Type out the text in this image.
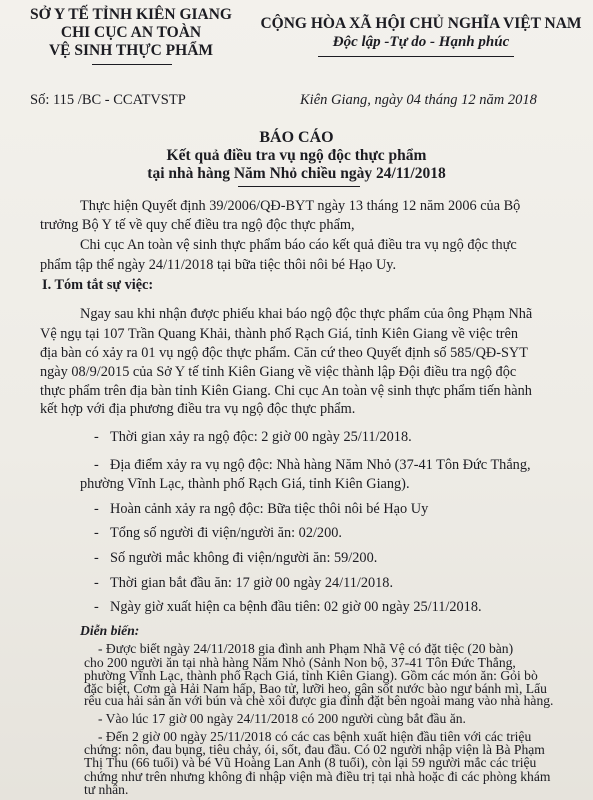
SỞ Y TẾ TỈNH KIÊN GIANG
CHI CỤC AN TOÀN
VỆ SINH THỰC PHẨM
CỘNG HÒA XÃ HỘI CHỦ NGHĨA VIỆT NAM
Độc lập -Tự do - Hạnh phúc
Số: 115 /BC - CCATVSTP	Kiên Giang, ngày 04 tháng 12 năm 2018
BÁO CÁO
Kết quả điều tra vụ ngộ độc thực phẩm
tại nhà hàng Năm Nhỏ chiều ngày 24/11/2018
Thực hiện Quyết định 39/2006/QĐ-BYT ngày 13 tháng 12 năm 2006 của Bộ
trưởng Bộ Y tế về quy chế điều tra ngộ độc thực phẩm,
Chi cục An toàn vệ sinh thực phẩm báo cáo kết quả điều tra vụ ngộ độc thực
phẩm tập thể ngày 24/11/2018 tại bữa tiệc thôi nôi bé Hạo Uy.
I. Tóm tắt sự việc:
Ngay sau khi nhận được phiếu khai báo ngộ độc thực phẩm của ông Phạm Nhã
Vệ ngụ tại 107 Trần Quang Khải, thành phố Rạch Giá, tỉnh Kiên Giang về việc trên
địa bàn có xảy ra 01 vụ ngộ độc thực phẩm. Căn cứ theo Quyết định số 585/QĐ-SYT
ngày 08/9/2015 của Sở Y tế tỉnh Kiên Giang về việc thành lập Đội điều tra ngộ độc
thực phẩm trên địa bàn tỉnh Kiên Giang. Chi cục An toàn vệ sinh thực phẩm tiến hành
kết hợp với địa phương điều tra vụ ngộ độc thực phẩm.
- Thời gian xảy ra ngộ độc: 2 giờ 00 ngày 25/11/2018.
- Địa điểm xảy ra vụ ngộ độc: Nhà hàng Năm Nhỏ (37-41 Tôn Đức Thắng,
phường Vĩnh Lạc, thành phố Rạch Giá, tỉnh Kiên Giang).
- Hoàn cảnh xảy ra ngộ độc: Bữa tiệc thôi nôi bé Hạo Uy
- Tổng số người đi viện/người ăn: 02/200.
- Số người mắc không đi viện/người ăn: 59/200.
- Thời gian bắt đầu ăn: 17 giờ 00 ngày 24/11/2018.
- Ngày giờ xuất hiện ca bệnh đầu tiên: 02 giờ 00 ngày 25/11/2018.
Diễn biến:
- Được biết ngày 24/11/2018 gia đình anh Phạm Nhã Vệ có đặt tiệc (20 bàn)
cho 200 người ăn tại nhà hàng Năm Nhỏ (Sảnh Non bộ, 37-41 Tôn Đức Thắng,
phường Vĩnh Lạc, thành phố Rạch Giá, tỉnh Kiên Giang). Gồm các món ăn: Gỏi bò
đặc biệt, Cơm gà Hải Nam hấp, Bao tử, lưỡi heo, gân sốt nước bào ngư bánh mì, Lẩu
rêu cua hải sản ăn với bún và chè xôi được gia đình đặt bên ngoài mang vào nhà hàng.
- Vào lúc 17 giờ 00 ngày 24/11/2018 có 200 người cùng bắt đầu ăn.
- Đến 2 giờ 00 ngày 25/11/2018 có các cas bệnh xuất hiện đầu tiên với các triệu
chứng: nôn, đau bụng, tiêu chảy, ói, sốt, đau đầu. Có 02 người nhập viện là Bà Phạm
Thị Thu (66 tuổi) và bé Vũ Hoàng Lan Anh (8 tuổi), còn lại 59 người mắc các triệu
chứng như trên nhưng không đi nhập viện mà điều trị tại nhà hoặc đi các phòng khám
tư nhân.
